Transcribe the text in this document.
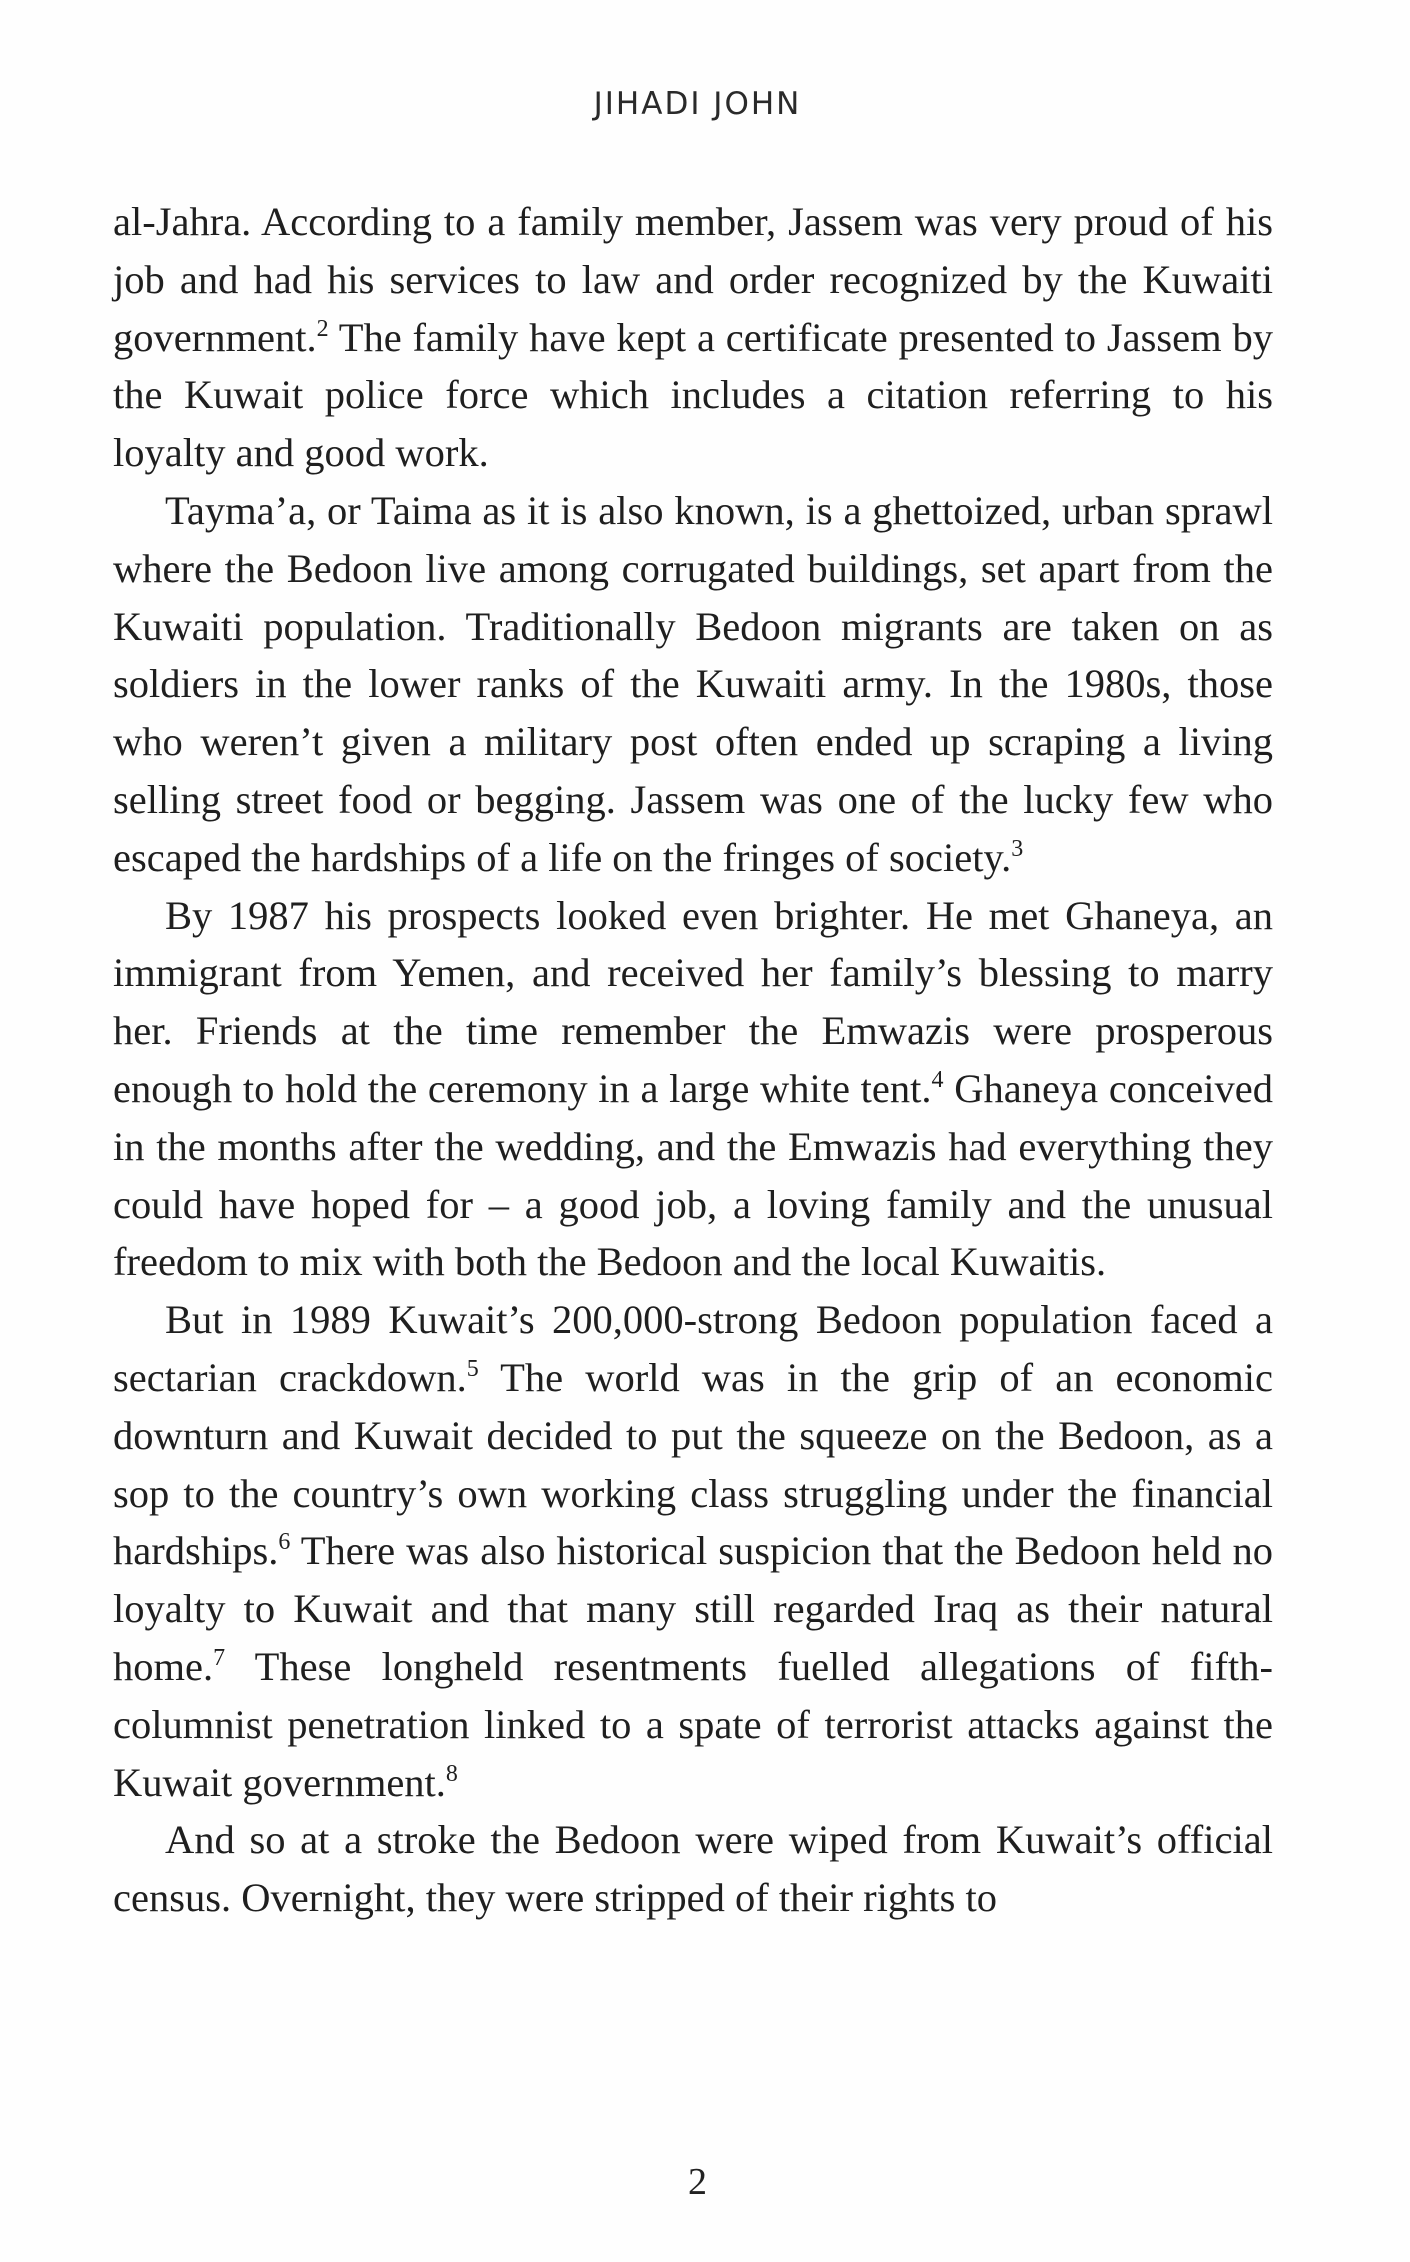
JIHADI JOHN

al-Jahra. According to a family member, Jassem was very proud of his job and had his services to law and order recognized by the Kuwaiti government.$^2$ The family have kept a certificate presented to Jassem by the Kuwait police force which includes a citation referring to his loyalty and good work.

Tayma’a, or Taima as it is also known, is a ghettoized, urban sprawl where the Bedoon live among corrugated buildings, set apart from the Kuwaiti population. Traditionally Bedoon migrants are taken on as soldiers in the lower ranks of the Kuwaiti army. In the 1980s, those who weren’t given a military post often ended up scraping a living selling street food or begging. Jassem was one of the lucky few who escaped the hardships of a life on the fringes of society.$^3$

By 1987 his prospects looked even brighter. He met Ghaneya, an immigrant from Yemen, and received her family’s blessing to marry her. Friends at the time remember the Emwazis were prosperous enough to hold the ceremony in a large white tent.$^4$ Ghaneya conceived in the months after the wedding, and the Emwazis had everything they could have hoped for – a good job, a loving family and the unusual freedom to mix with both the Bedoon and the local Kuwaitis.

But in 1989 Kuwait’s 200,000-strong Bedoon population faced a sectarian crackdown.$^5$ The world was in the grip of an economic downturn and Kuwait decided to put the squeeze on the Bedoon, as a sop to the country’s own working class struggling under the financial hardships.$^6$ There was also historical suspicion that the Bedoon held no loyalty to Kuwait and that many still regarded Iraq as their natural home.$^7$ These longheld resentments fuelled allegations of fifth-columnist penetration linked to a spate of terrorist attacks against the Kuwait government.$^8$

And so at a stroke the Bedoon were wiped from Kuwait’s official census. Overnight, they were stripped of their rights to

2
